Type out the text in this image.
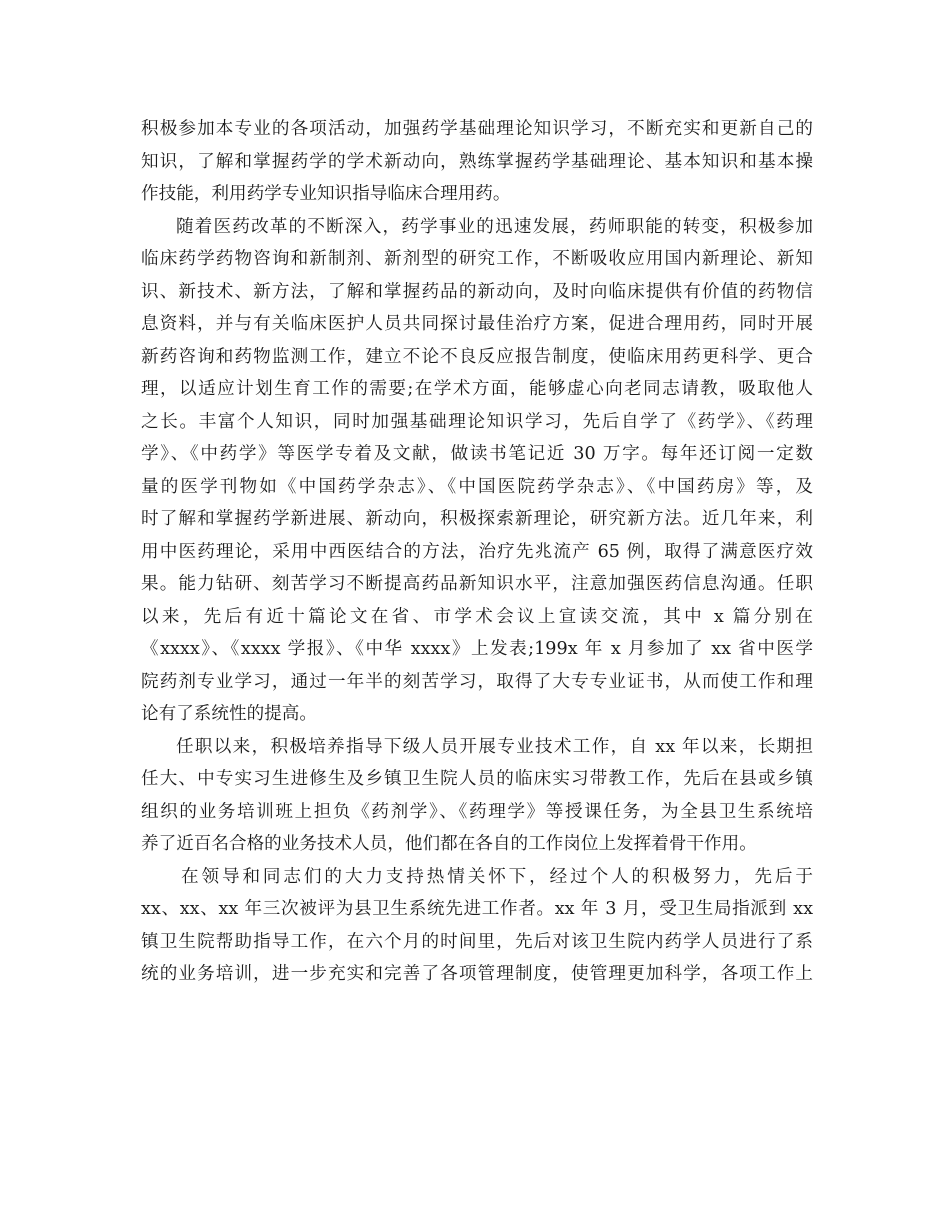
积极参加本专业的各项活动，加强药学基础理论知识学习，不断充实和更新自己的
知识，了解和掌握药学的学术新动向，熟练掌握药学基础理论、基本知识和基本操
作技能，利用药学专业知识指导临床合理用药。
随着医药改革的不断深入，药学事业的迅速发展，药师职能的转变，积极参加
临床药学药物咨询和新制剂、新剂型的研究工作，不断吸收应用国内新理论、新知
识、新技术、新方法，了解和掌握药品的新动向，及时向临床提供有价值的药物信
息资料，并与有关临床医护人员共同探讨最佳治疗方案，促进合理用药，同时开展
新药咨询和药物监测工作，建立不论不良反应报告制度，使临床用药更科学、更合
理，以适应计划生育工作的需要;在学术方面，能够虚心向老同志请教，吸取他人
之长。丰富个人知识，同时加强基础理论知识学习，先后自学了《药学》、《药理
学》、《中药学》等医学专着及文献，做读书笔记近 30 万字。每年还订阅一定数
量的医学刊物如《中国药学杂志》、《中国医院药学杂志》、《中国药房》等，及
时了解和掌握药学新进展、新动向，积极探索新理论，研究新方法。近几年来，利
用中医药理论，采用中西医结合的方法，治疗先兆流产 65 例，取得了满意医疗效
果。能力钻研、刻苦学习不断提高药品新知识水平，注意加强医药信息沟通。任职
以来，先后有近十篇论文在省、市学术会议上宣读交流，其中 x 篇分别在
《xxxx》、《xxxx 学报》、《中华 xxxx》上发表;199x 年 x 月参加了 xx 省中医学
院药剂专业学习，通过一年半的刻苦学习，取得了大专专业证书，从而使工作和理
论有了系统性的提高。
任职以来，积极培养指导下级人员开展专业技术工作，自 xx 年以来，长期担
任大、中专实习生进修生及乡镇卫生院人员的临床实习带教工作，先后在县或乡镇
组织的业务培训班上担负《药剂学》、《药理学》等授课任务，为全县卫生系统培
养了近百名合格的业务技术人员，他们都在各自的工作岗位上发挥着骨干作用。
在领导和同志们的大力支持热情关怀下，经过个人的积极努力，先后于
xx、xx、xx 年三次被评为县卫生系统先进工作者。xx 年 3 月，受卫生局指派到 xx
镇卫生院帮助指导工作，在六个月的时间里，先后对该卫生院内药学人员进行了系
统的业务培训，进一步充实和完善了各项管理制度，使管理更加科学，各项工作上
